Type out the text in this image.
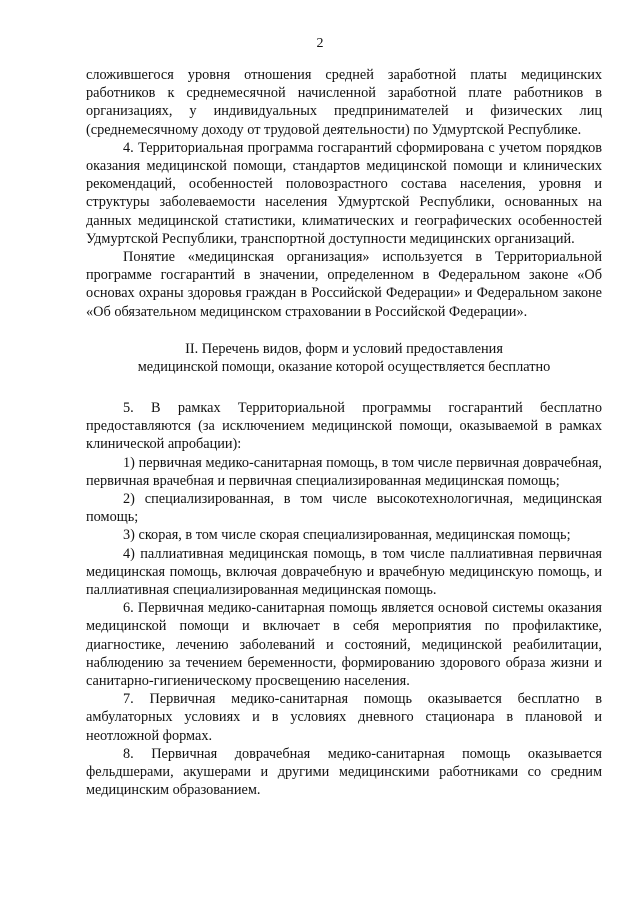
2

сложившегося уровня отношения средней заработной платы медицинских работников к среднемесячной начисленной заработной плате работников в организациях, у индивидуальных предпринимателей и физических лиц (среднемесячному доходу от трудовой деятельности) по Удмуртской Республике.

4. Территориальная программа госгарантий сформирована с учетом порядков оказания медицинской помощи, стандартов медицинской помощи и клинических рекомендаций, особенностей половозрастного состава населения, уровня и структуры заболеваемости населения Удмуртской Республики, основанных на данных медицинской статистики, климатических и географических особенностей Удмуртской Республики, транспортной доступности медицинских организаций.

Понятие «медицинская организация» используется в Территориальной программе госгарантий в значении, определенном в Федеральном законе «Об основах охраны здоровья граждан в Российской Федерации» и Федеральном законе «Об обязательном медицинском страховании в Российской Федерации».

II. Перечень видов, форм и условий предоставления
медицинской помощи, оказание которой осуществляется бесплатно

5. В рамках Территориальной программы госгарантий бесплатно предоставляются (за исключением медицинской помощи, оказываемой в рамках клинической апробации):

1) первичная медико-санитарная помощь, в том числе первичная доврачебная, первичная врачебная и первичная специализированная медицинская помощь;

2) специализированная, в том числе высокотехнологичная, медицинская помощь;

3) скорая, в том числе скорая специализированная, медицинская помощь;

4) паллиативная медицинская помощь, в том числе паллиативная первичная медицинская помощь, включая доврачебную и врачебную медицинскую помощь, и паллиативная специализированная медицинская помощь.

6. Первичная медико-санитарная помощь является основой системы оказания медицинской помощи и включает в себя мероприятия по профилактике, диагностике, лечению заболеваний и состояний, медицинской реабилитации, наблюдению за течением беременности, формированию здорового образа жизни и санитарно-гигиеническому просвещению населения.

7. Первичная медико-санитарная помощь оказывается бесплатно в амбулаторных условиях и в условиях дневного стационара в плановой и неотложной формах.

8. Первичная доврачебная медико-санитарная помощь оказывается фельдшерами, акушерами и другими медицинскими работниками со средним медицинским образованием.
